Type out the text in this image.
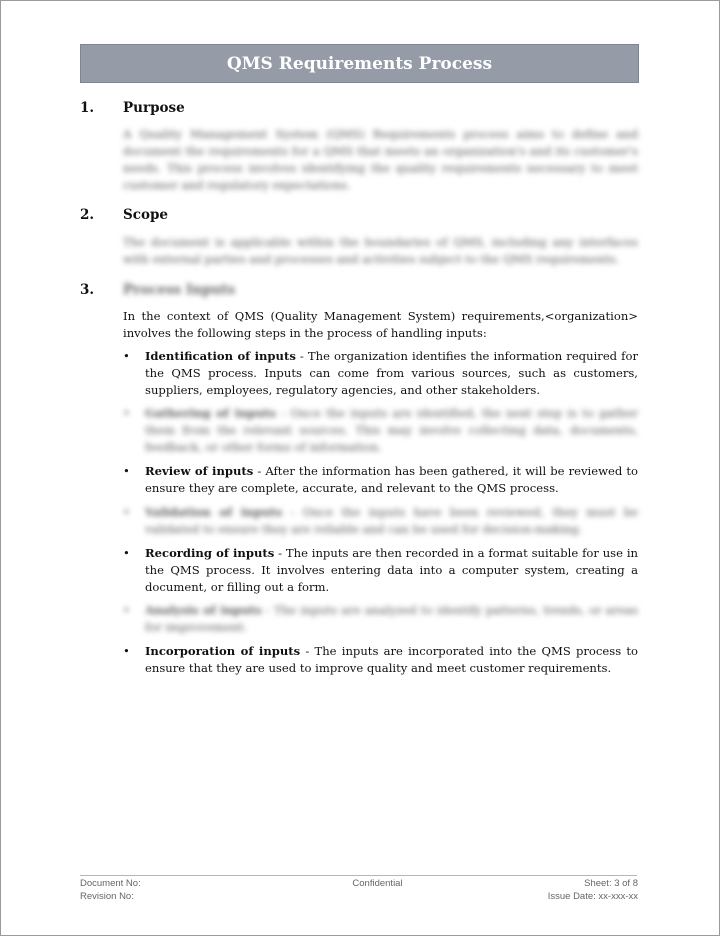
QMS Requirements Process
1. Purpose
A Quality Management System (QMS) Requirements process aims to define and document the requirements for a QMS that meets an organization's and its customer's needs. This process involves identifying the quality requirements necessary to meet customer and regulatory expectations.
2. Scope
The document is applicable within the boundaries of QMS, including any interfaces with external parties and processes and activities subject to the QMS requirements.
3. Process Inputs
In the context of QMS (Quality Management System) requirements,<organization> involves the following steps in the process of handling inputs:
•	Identification of inputs - The organization identifies the information required for the QMS process. Inputs can come from various sources, such as customers, suppliers, employees, regulatory agencies, and other stakeholders.
•	Gathering of inputs - Once the inputs are identified, the next step is to gather them from the relevant sources. This may involve collecting data, documents, feedback, or other forms of information.
•	Review of inputs - After the information has been gathered, it will be reviewed to ensure they are complete, accurate, and relevant to the QMS process.
•	Validation of inputs - Once the inputs have been reviewed, they must be validated to ensure they are reliable and can be used for decision-making.
•	Recording of inputs - The inputs are then recorded in a format suitable for use in the QMS process. It involves entering data into a computer system, creating a document, or filling out a form.
•	Analysis of inputs - The inputs are analyzed to identify patterns, trends, or areas for improvement.
•	Incorporation of inputs - The inputs are incorporated into the QMS process to ensure that they are used to improve quality and meet customer requirements.
Document No:
Revision No:
Confidential	Sheet: 3 of 8
Issue Date: xx-xxx-xx
